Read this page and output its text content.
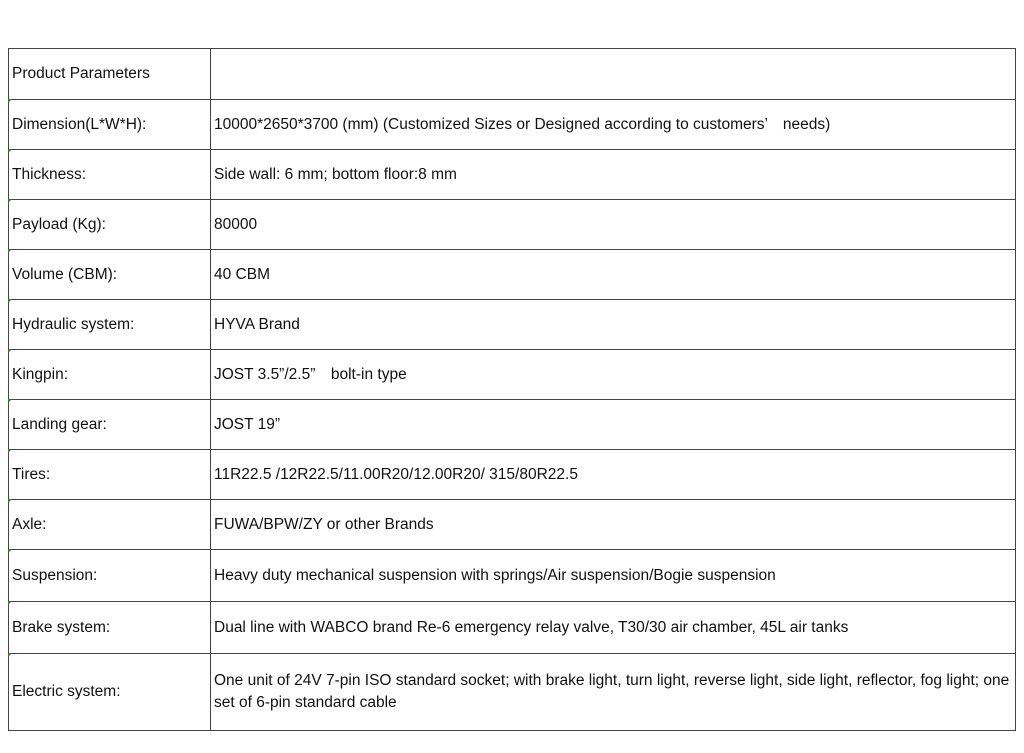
Product Parameters	
Dimension(L*W*H):	10000*2650*3700 (mm) (Customized Sizes or Designed according to customers’　needs)
Thickness:	Side wall: 6 mm; bottom floor:8 mm
Payload (Kg):	80000
Volume (CBM):	40 CBM
Hydraulic system:	HYVA Brand
Kingpin:	JOST 3.5”/2.5”　bolt-in type
Landing gear:	JOST 19”
Tires:	11R22.5 /12R22.5/11.00R20/12.00R20/ 315/80R22.5
Axle:	FUWA/BPW/ZY or other Brands
Suspension:	Heavy duty mechanical suspension with springs/Air suspension/Bogie suspension
Brake system:	Dual line with WABCO brand Re-6 emergency relay valve, T30/30 air chamber, 45L air tanks
Electric system:	One unit of 24V 7-pin ISO standard socket; with brake light, turn light, reverse light, side light, reflector, fog light; one set of 6-pin standard cable
